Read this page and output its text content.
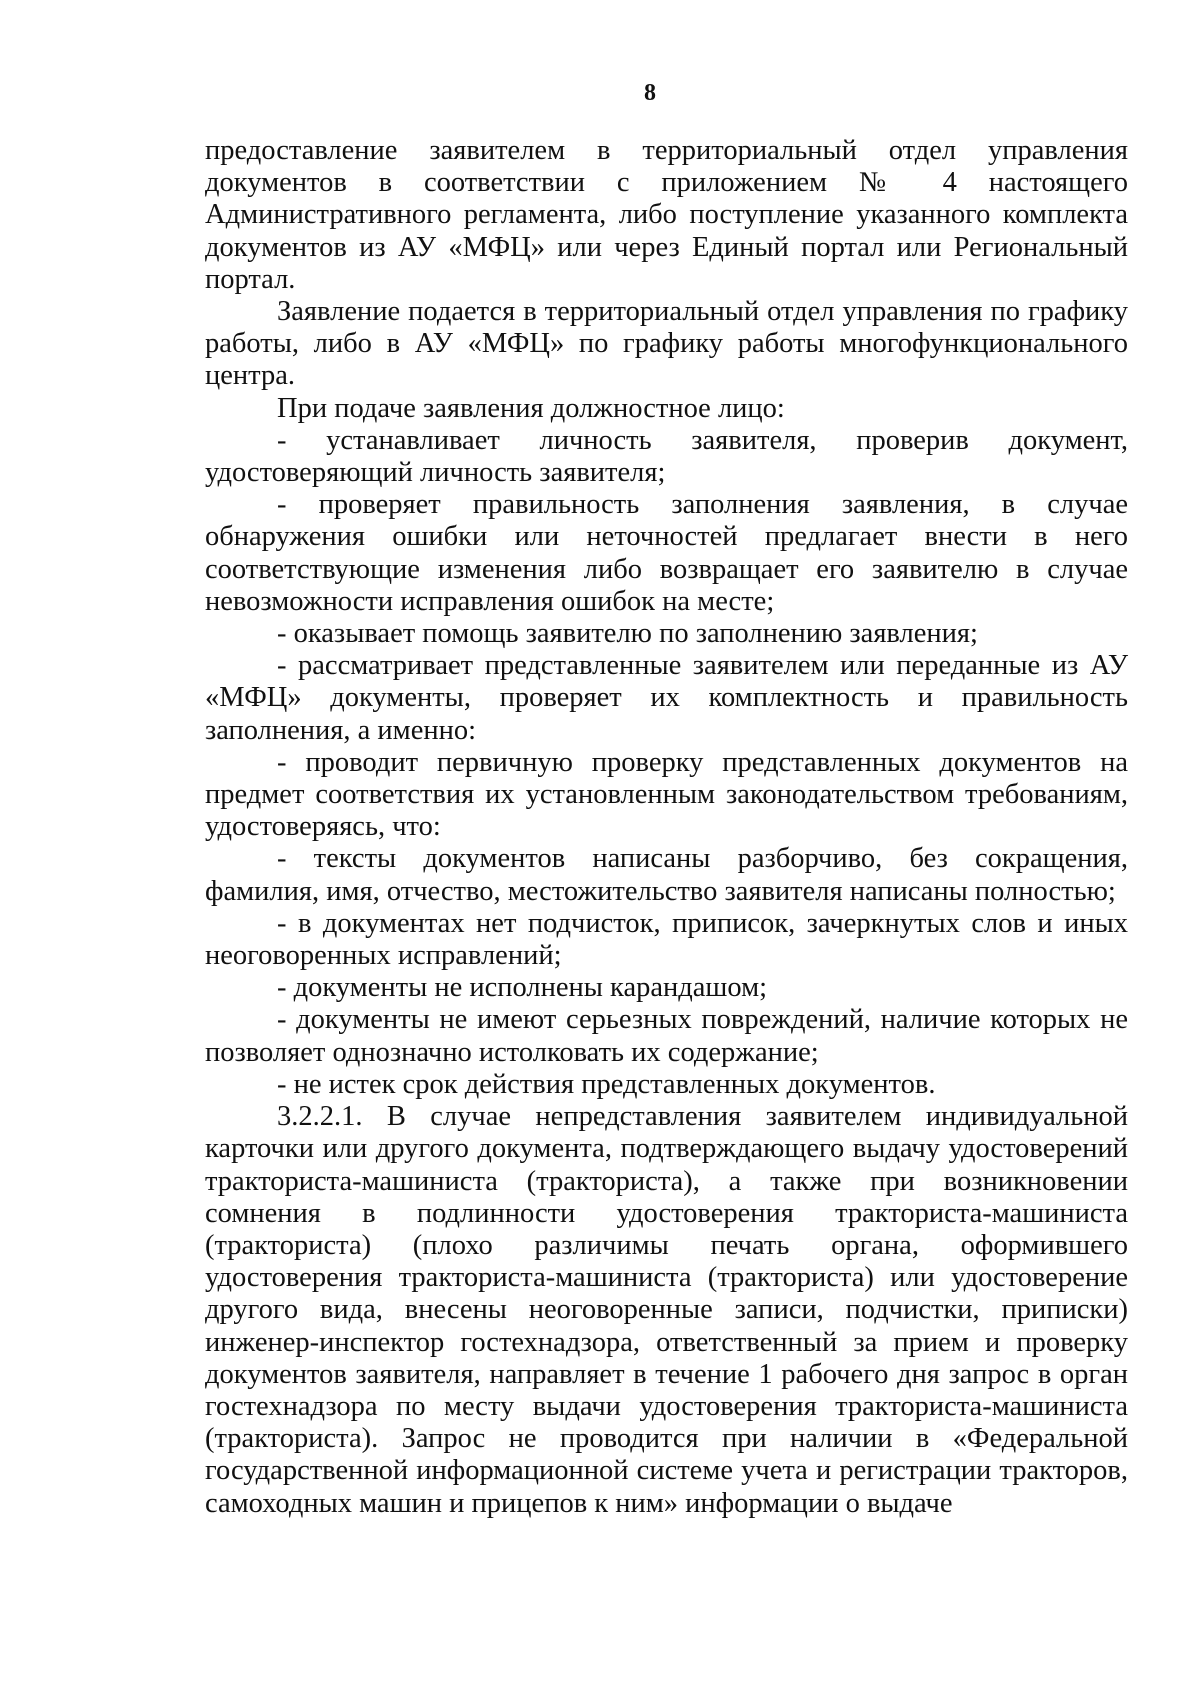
8

предоставление заявителем в территориальный отдел управления документов в соответствии с приложением № 4 настоящего Административного регламента, либо поступление указанного комплекта документов из АУ «МФЦ» или через Единый портал или Региональный портал.

Заявление подается в территориальный отдел управления по графику работы, либо в АУ «МФЦ» по графику работы многофункционального центра.

При подаче заявления должностное лицо:

- устанавливает личность заявителя, проверив документ, удостоверяющий личность заявителя;

- проверяет правильность заполнения заявления, в случае обнаружения ошибки или неточностей предлагает внести в него соответствующие изменения либо возвращает его заявителю в случае невозможности исправления ошибок на месте;

- оказывает помощь заявителю по заполнению заявления;

- рассматривает представленные заявителем или переданные из АУ «МФЦ» документы, проверяет их комплектность и правильность заполнения, а именно:

- проводит первичную проверку представленных документов на предмет соответствия их установленным законодательством требованиям, удостоверяясь, что:

- тексты документов написаны разборчиво, без сокращения, фамилия, имя, отчество, местожительство заявителя написаны полностью;

- в документах нет подчисток, приписок, зачеркнутых слов и иных неоговоренных исправлений;

- документы не исполнены карандашом;

- документы не имеют серьезных повреждений, наличие которых не позволяет однозначно истолковать их содержание;

- не истек срок действия представленных документов.

3.2.2.1. В случае непредставления заявителем индивидуальной карточки или другого документа, подтверждающего выдачу удостоверений тракториста-машиниста (тракториста), а также при возникновении сомнения в подлинности удостоверения тракториста-машиниста (тракториста) (плохо различимы печать органа, оформившего удостоверения тракториста-машиниста (тракториста) или удостоверение другого вида, внесены неоговоренные записи, подчистки, приписки) инженер-инспектор гостехнадзора, ответственный за прием и проверку документов заявителя, направляет в течение 1 рабочего дня запрос в орган гостехнадзора по месту выдачи удостоверения тракториста-машиниста (тракториста). Запрос не проводится при наличии в «Федеральной государственной информационной системе учета и регистрации тракторов, самоходных машин и прицепов к ним» информации о выдаче
